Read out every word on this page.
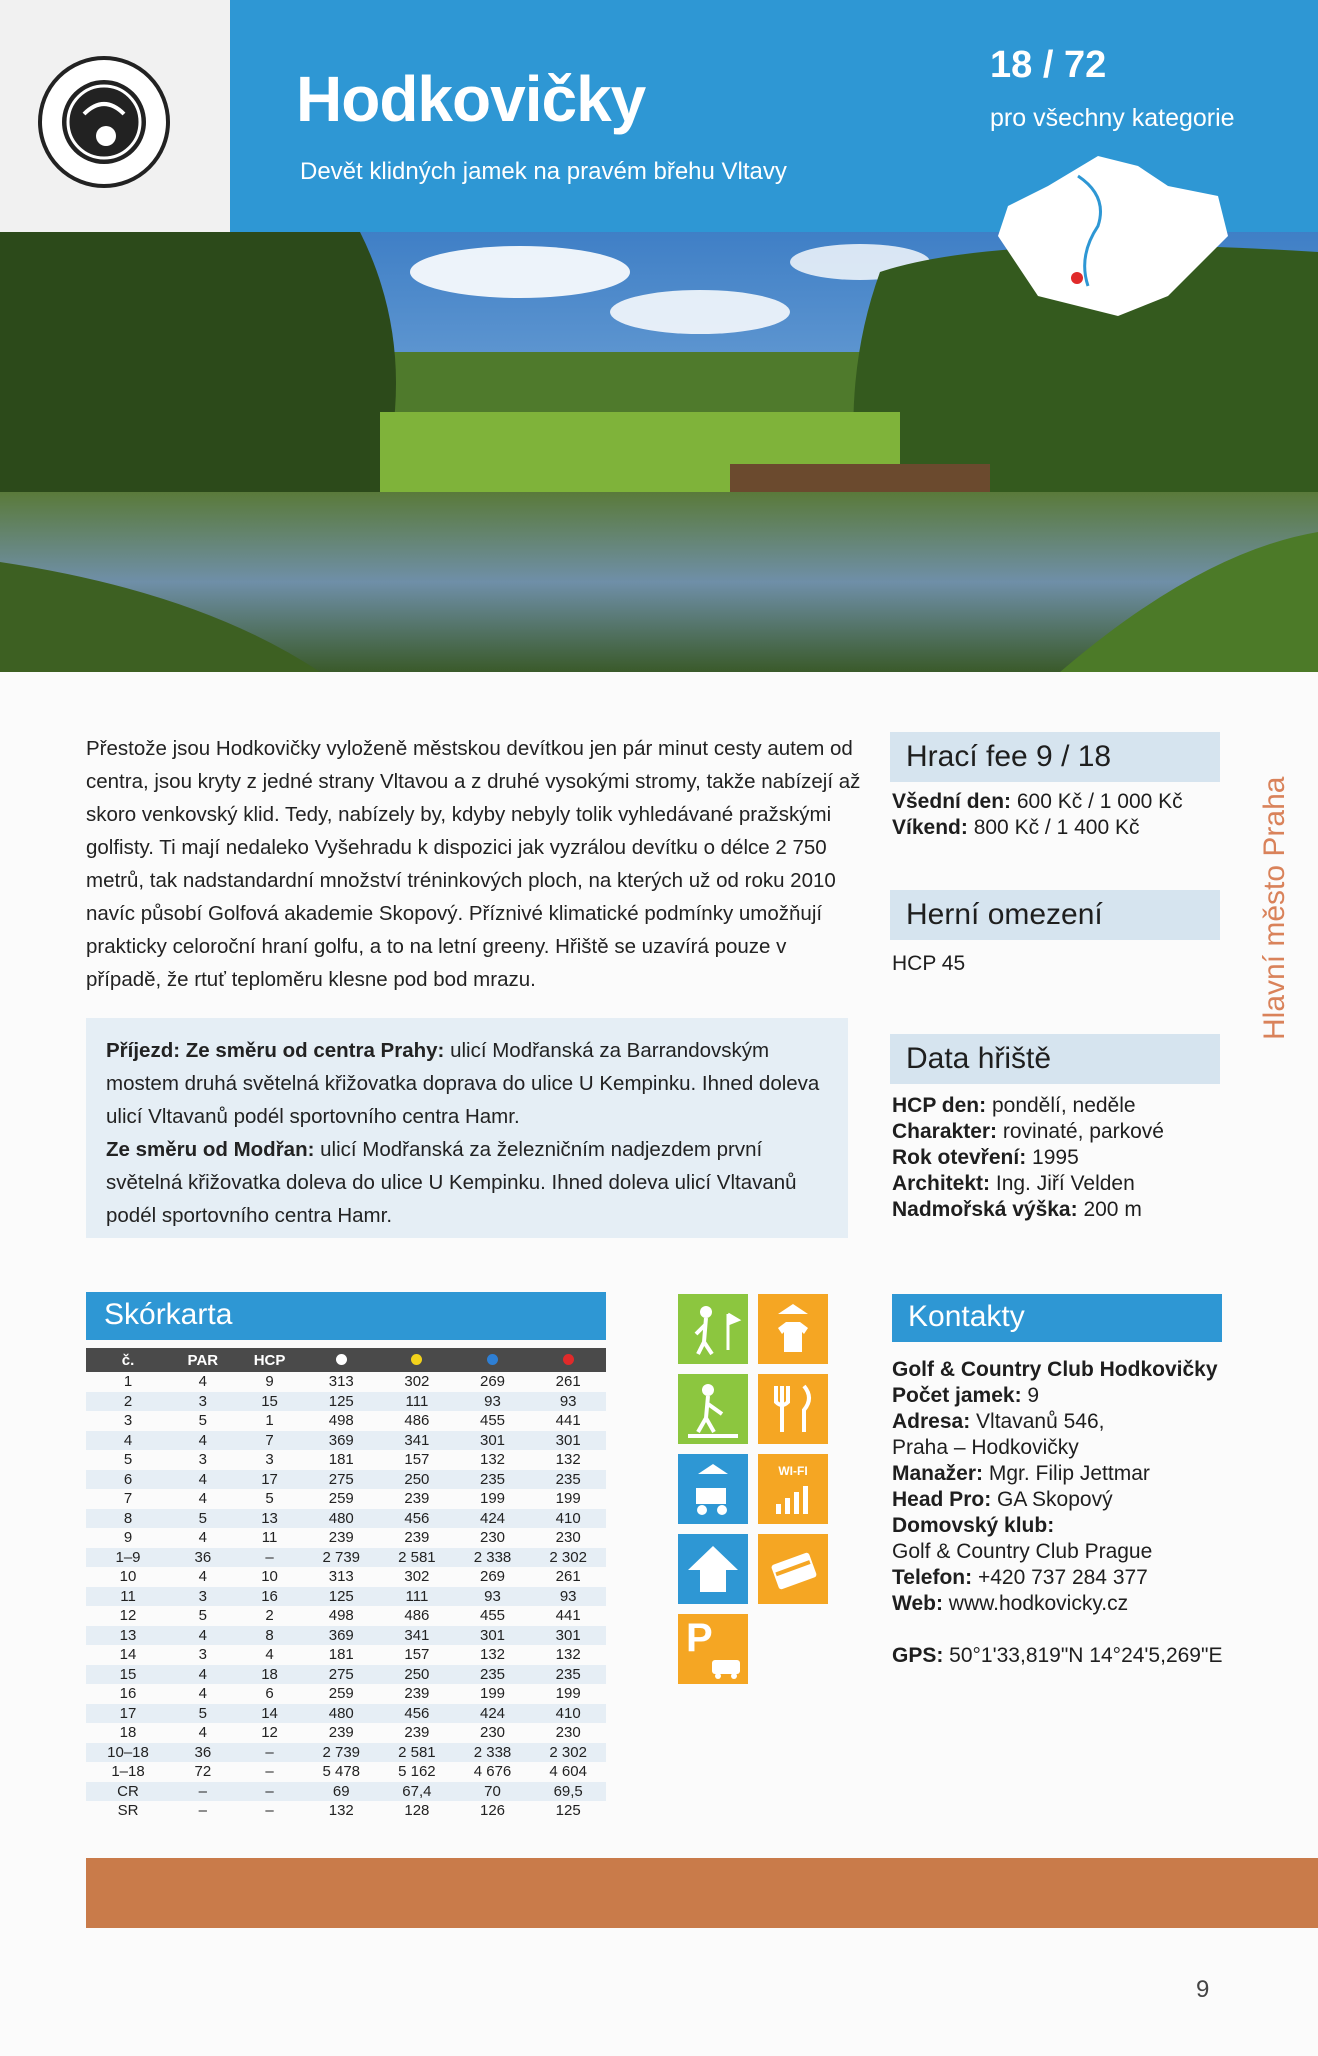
Hodkovičky
Devět klidných jamek na pravém břehu Vltavy
18 / 72
pro všechny kategorie
Přestože jsou Hodkovičky vyloženě městskou devítkou jen pár minut cesty autem od centra, jsou kryty z jedné strany Vltavou a z druhé vysokými stromy, takže nabízejí až skoro venkovský klid. Tedy, nabízely by, kdyby nebyly tolik vyhledávané pražskými golfisty. Ti mají nedaleko Vyšehradu k dispozici jak vyzrálou devítku o délce 2 750 metrů, tak nadstandardní množství tréninkových ploch, na kterých už od roku 2010 navíc působí Golfová akademie Skopový. Příznivé klimatické podmínky umožňují prakticky celoroční hraní golfu, a to na letní greeny. Hřiště se uzavírá pouze v případě, že rtuť teploměru klesne pod bod mrazu.
Příjezd: Ze směru od centra Prahy: ulicí Modřanská za Barrandovským mostem druhá světelná křižovatka doprava do ulice U Kempinku. Ihned doleva ulicí Vltavanů podél sportovního centra Hamr.
Ze směru od Modřan: ulicí Modřanská za železničním nadjezdem první světelná křižovatka doleva do ulice U Kempinku. Ihned doleva ulicí Vltavanů podél sportovního centra Hamr.
Hrací fee 9 / 18
Všední den: 600 Kč / 1 000 Kč
Víkend: 800 Kč / 1 400 Kč
Herní omezení
HCP 45
Data hřiště
HCP den: pondělí, neděle
Charakter: rovinaté, parkové
Rok otevření: 1995
Architekt: Ing. Jiří Velden
Nadmořská výška: 200 m
Hlavní město Praha
Skórkarta
č.	PAR	HCP				
1	4	9	313	302	269	261
2	3	15	125	111	93	93
3	5	1	498	486	455	441
4	4	7	369	341	301	301
5	3	3	181	157	132	132
6	4	17	275	250	235	235
7	4	5	259	239	199	199
8	5	13	480	456	424	410
9	4	11	239	239	230	230
1–9	36	–	2 739	2 581	2 338	2 302
10	4	10	313	302	269	261
11	3	16	125	111	93	93
12	5	2	498	486	455	441
13	4	8	369	341	301	301
14	3	4	181	157	132	132
15	4	18	275	250	235	235
16	4	6	259	239	199	199
17	5	14	480	456	424	410
18	4	12	239	239	230	230
10–18	36	–	2 739	2 581	2 338	2 302
1–18	72	–	5 478	5 162	4 676	4 604
CR	–	–	69	67,4	70	69,5
SR	–	–	132	128	126	125
WI-FI
P
Kontakty
Golf & Country Club Hodkovičky
Počet jamek: 9
Adresa: Vltavanů 546,
Praha – Hodkovičky
Manažer: Mgr. Filip Jettmar
Head Pro: GA Skopový
Domovský klub:
Golf & Country Club Prague
Telefon: +420 737 284 377
Web: www.hodkovicky.cz
GPS: 50°1'33,819"N 14°24'5,269"E
9
